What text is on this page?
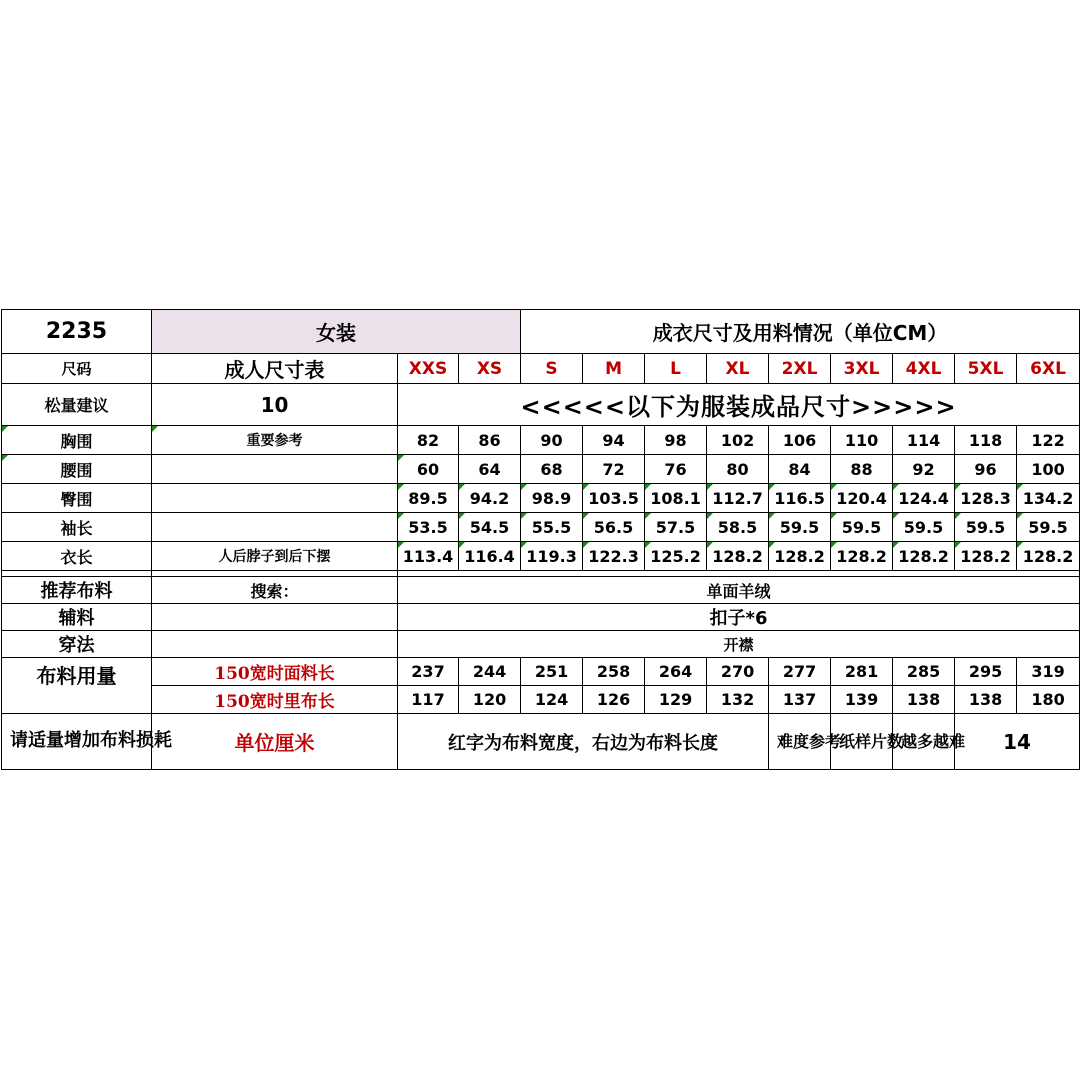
2235	女装			成衣尺寸及用料情况（单位CM）								
尺码	成人尺寸表	XXS	XS	S	M	L	XL	2XL	3XL	4XL	5XL	6XL
松量建议	10	<<<<<以下为服装成品尺寸>>>>>										
胸围	重要参考	82	86	90	94	98	102	106	110	114	118	122
腰围		60	64	68	72	76	80	84	88	92	96	100
臀围		89.5	94.2	98.9	103.5	108.1	112.7	116.5	120.4	124.4	128.3	134.2
袖长		53.5	54.5	55.5	56.5	57.5	58.5	59.5	59.5	59.5	59.5	59.5
衣长	人后脖子到后下摆	113.4	116.4	119.3	122.3	125.2	128.2	128.2	128.2	128.2	128.2	128.2

推荐布料	搜索：	单面羊绒										
辅料		扣子*6										
穿法		开襟										
布料用量	150宽时面料长	237	244	251	258	264	270	277	281	285	295	319
	150宽时里布长	117	120	124	126	129	132	137	139	138	138	180
请适量增加布料损耗	单位厘米	红字为布料宽度，右边为布料长度						难度参考	纸样片数	越多越难	14	
